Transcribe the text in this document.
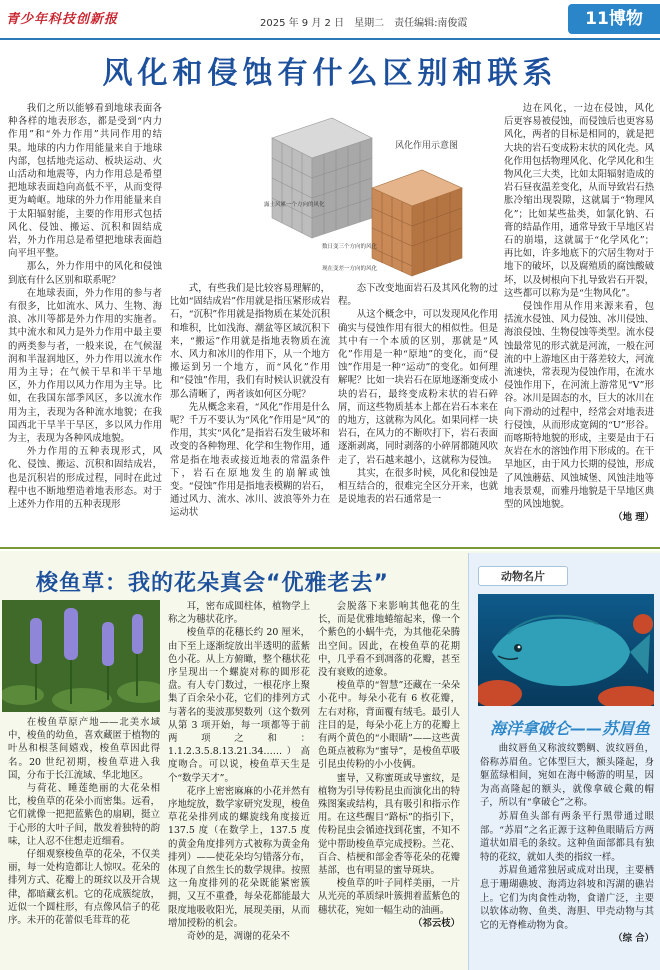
青少年科技创新报	2025 年 9 月 2 日　星期二　责任编辑:南俊霞	11博物
风化和侵蚀有什么区别和联系

我们之所以能够看到地球表面各种各样的地表形态，都是受到“内力作用”和“外力作用”共同作用的结果。地球的内力作用能量来自于地球内部，包括地壳运动、板块运动、火山活动和地震等，内力作用总是希望把地球表面趋向高低不平，从而变得更为崎岖。地球的外力作用能量来自于太阳辐射能，主要的作用形式包括风化、侵蚀、搬运、沉积和固结成岩，外力作用总是希望把地球表面趋向平坦平整。

那么，外力作用中的风化和侵蚀到底有什么区别和联系呢？

在地球表面，外力作用的参与者有很多，比如流水、风力、生物、海浪、冰川等都是外力作用的实施者。其中流水和风力是外力作用中最主要的两类参与者，一般来说，在气候湿润和半湿润地区，外力作用以流水作用为主导；在气候干旱和半干旱地区，外力作用以风力作用为主导。比如，在我国东部季风区，多以流水作用为主，表现为各种流水地貌；在我国西北干旱半干旱区，多以风力作用为主，表现为各种风成地貌。

外力作用的五种表现形式，风化、侵蚀、搬运、沉积和固结成岩，也是沉积岩的形成过程，同时在此过程中也不断地塑造着地表形态。对于上述外力作用的五种表现形

式，有些我们是比较容易理解的，比如“固结成岩”作用就是指压紧形成岩石，“沉积”作用就是指物质在某处沉积和堆积，比如浅海、潮盆等区域沉积下来，“搬运”作用就是指地表物质在流水、风力和冰川的作用下，从一个地方搬运到另一个地方，而“风化”作用和“侵蚀”作用，我们有时候认识就没有那么清晰了，两者该如何区分呢？

先从概念来看，“风化”作用是什么呢？千万不要认为“风化”作用是“风”的作用，其实“风化”是指岩石发生破坏和改变的各种物理、化学和生物作用，通常是指在地表或接近地表的常温条件下，岩石在原地发生的崩解或蚀变。“侵蚀”作用是指地表模糊的岩石，通过风力、流水、冰川、波浪等外力在运动状

态下改变地面岩石及其风化物的过程。

从这个概念中，可以发现风化作用确实与侵蚀作用有很大的相似性。但是其中有一个本质的区别，那就是“风化”作用是一种“原地”的变化，而“侵蚀”作用是一种“运动”的变化。如何理解呢？比如一块岩石在原地逐渐变成小块的岩石，最终变成粉末状的岩石碎屑，而这些物质基本上都在岩石本来在的地方，这就称为风化。如果同样一块岩石，在风力的不断吹打下，岩石表面逐渐剥离，同时剥落的小碎屑都随风吹走了，岩石越来越小，这就称为侵蚀。

其实，在很多时候，风化和侵蚀是相互结合的，很难完全区分开来，也就是说地表的岩石通常是一

边在风化，一边在侵蚀，风化后更容易被侵蚀，而侵蚀后也更容易风化，两者的目标是相同的，就是把大块的岩石变成粉末状的风化壳。风化作用包括物理风化、化学风化和生物风化三大类，比如太阳辐射造成的岩石昼夜温差变化，从而导致岩石热胀冷缩出现裂隙，这就属于“物理风化”；比如某些盐类，如氯化钠、石膏的结晶作用，通常导致干旱地区岩石的崩塌，这就属于“化学风化”；再比如，许多地底下的穴居生物对于地下的破坏，以及腐殖质的腐蚀酸破坏，以及树根向下扎导致岩石开裂，这些都可以称为是“生物风化”。

侵蚀作用从作用来源来看，包括流水侵蚀、风力侵蚀、冰川侵蚀、海浪侵蚀、生物侵蚀等类型。流水侵蚀最常见的形式就是河流，一般在河流的中上游地区由于落差较大，河流流速快，常表现为侵蚀作用，在流水侵蚀作用下，在河流上游常见“V”形谷。冰川是固态的水，巨大的冰川在向下滑动的过程中，经常会对地表进行侵蚀，从而形成宽阔的“U”形谷。而喀斯特地貌的形成，主要是由于石灰岩在水的溶蚀作用下形成的。在干旱地区，由于风力长期的侵蚀，形成了风蚀蘑菇、风蚀城堡、风蚀洼地等地表景观，而雅丹地貌是干旱地区典型的风蚀地貌。

（地 理）

露土风累一个方向的风化
数日变三个方向的风化
现在变差一方向的风化
风化作用示意图
梭鱼草：我的花朵真会“优雅老去”

在梭鱼草原产地——北美水域中，梭鱼的幼鱼，喜欢藏匿于植物的叶丛和根茎间嬉戏，梭鱼草因此得名。20 世纪初期，梭鱼草进入我国，分布于长江流域、华北地区。

与荷花、睡莲绝丽的大花朵相比，梭鱼草的花朵小而密集。远看，它们就像一把把蓝紫色的扇刷，挺立于心形的大叶子间，散发着独特的韵味，让人忍不住想走近细看。

仔细观察梭鱼草的花朵，不仅美丽，每一处构造都让人惊叹。花朵的排列方式、花瓣上的斑纹以及开合规律，都暗藏玄机。它的花成簇绽放，近似一个圆柱形，有点像风信子的花序。未开的花蕾似毛茸茸的花

耳，密布成圆柱体，植物学上称之为穗状花序。

梭鱼草的花穗长约 20 厘米，由下至上逐渐绽放出半透明的蓝紫色小花。从上方俯瞰，整个穗状花序呈现出一个螺旋对称的圆形花盘。有人专门数过，一根花序上聚集了百余朵小花，它们的排列方式与著名的斐波那契数列（这个数列从第 3 项开始，每一项都等于前两项之和：1.1.2.3.5.8.13.21.34……）高度吻合。可以说，梭鱼草天生是个“数学天才”。

花序上密密麻麻的小花并然有序地绽放，数学家研究发现，梭鱼草花朵排列成的螺旋线角度接近 137.5 度（在数学上，137.5 度的黄金角度排列方式被称为黄金角排列）——使花朵均匀错落分布，体现了自然生长的数学规律。按照这一角度排列的花朵既能紧密簇拥，又互不重叠，每朵花都能最大限度地吸收阳光，展现美丽，从而增加授粉的机会。

奇妙的是，凋谢的花朵不

会脱落下来影响其他花的生长，而是优雅地蜷缩起来，像一个个紫色的小蜗牛壳，为其他花朵腾出空间。因此，在梭鱼草的花期中，几乎看不到凋落的花瓣，甚至没有衰败的迹象。

梭鱼草的“智慧”还藏在一朵朵小花中。每朵小花有 6 枚花瓣，左右对称，背面覆有绒毛。最引人注目的是，每朵小花上方的花瓣上有两个黄色的“小眼睛”——这些黄色斑点被称为“蜜导”，是梭鱼草吸引昆虫传粉的小小伎俩。

蜜导，又称蜜斑或导蜜纹，是植物为引导传粉昆虫而演化出的特殊图案或结构，具有吸引和指示作用。在这些醒目“路标”的指引下，传粉昆虫会循迹找到花蜜，不知不觉中帮助梭鱼草完成授粉。兰花、百合、桔梗和部金香等花朵的花瓣基部，也有明显的蜜导斑块。

梭鱼草的叶子同样美丽，一片从光亮的革质绿叶簇拥着蓝紫色的穗状花，宛如一幅生动的油画。

（祁云枝）

动物名片
海洋拿破仑——苏眉鱼

曲纹唇鱼又称波纹鹦鲷、波纹唇鱼，俗称苏眉鱼。它体型巨大，额头隆起，身躯蓝绿相间，宛如在海中畅游的明星，因为高高隆起的额头，就像拿破仑戴的帽子，所以有“拿破仑”之称。

苏眉鱼头部有两条平行黑带通过眼部。“苏眉”之名正源于这种鱼眼睛后方两道状如眉毛的条纹。这种鱼面部都具有独特的花纹，就如人类的指纹一样。

苏眉鱼通常独居或成对出现，主要栖息于珊瑚礁坡、海湾边斜坡和泻湖的礁岩上。它们为肉食性动物，食谱广泛，主要以软体动物、鱼类、海胆、甲壳动物与其它的无脊椎动物为食。

（综 合）
